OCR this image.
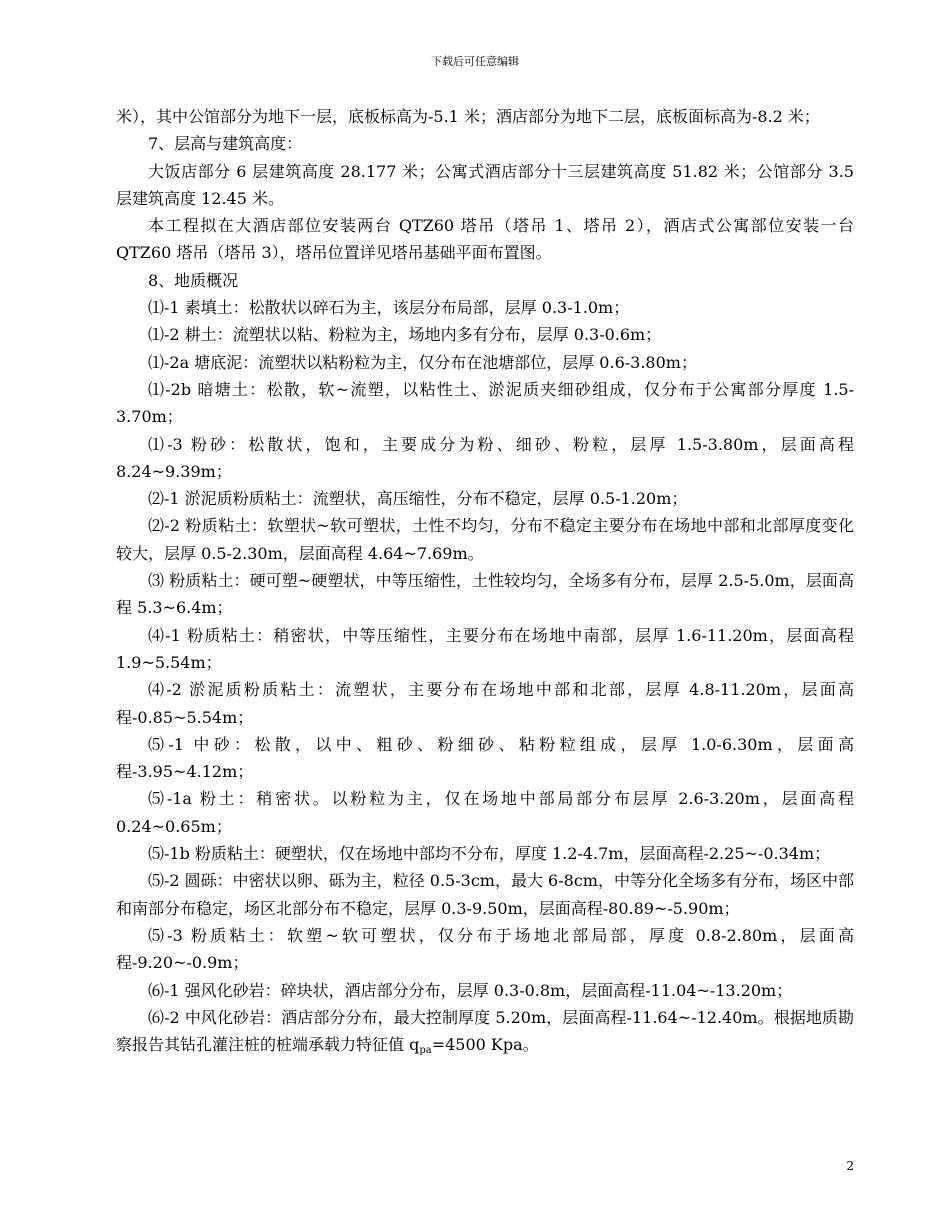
下载后可任意编辑

米），其中公馆部分为地下一层，底板标高为-5.1 米；酒店部分为地下二层，底板面标高为-8.2 米；

7、层高与建筑高度：

大饭店部分 6 层建筑高度 28.177 米；公寓式酒店部分十三层建筑高度 51.82 米；公馆部分 3.5 层建筑高度 12.45 米。

本工程拟在大酒店部位安装两台 QTZ60 塔吊（塔吊 1、塔吊 2），酒店式公寓部位安装一台 QTZ60 塔吊（塔吊 3），塔吊位置详见塔吊基础平面布置图。

8、地质概况

⑴-1 素填土：松散状以碎石为主，该层分布局部，层厚 0.3-1.0m；

⑴-2 耕土：流塑状以粘、粉粒为主，场地内多有分布，层厚 0.3-0.6m；

⑴-2a 塘底泥：流塑状以粘粉粒为主，仅分布在池塘部位，层厚 0.6-3.80m；

⑴-2b 暗塘土：松散，软~流塑，以粘性土、淤泥质夹细砂组成，仅分布于公寓部分厚度 1.5-3.70m；

⑴-3 粉砂：松散状，饱和，主要成分为粉、细砂、粉粒，层厚 1.5-3.80m，层面高程 8.24~9.39m；

⑵-1 淤泥质粉质粘土：流塑状，高压缩性，分布不稳定，层厚 0.5-1.20m；

⑵-2 粉质粘土：软塑状~软可塑状，土性不均匀，分布不稳定主要分布在场地中部和北部厚度变化较大，层厚 0.5-2.30m，层面高程 4.64~7.69m。

⑶ 粉质粘土：硬可塑~硬塑状，中等压缩性，土性较均匀，全场多有分布，层厚 2.5-5.0m，层面高程 5.3~6.4m；

⑷-1 粉质粘土：稍密状，中等压缩性，主要分布在场地中南部，层厚 1.6-11.20m，层面高程 1.9~5.54m；

⑷-2 淤泥质粉质粘土：流塑状，主要分布在场地中部和北部，层厚 4.8-11.20m，层面高程-0.85~5.54m；

⑸-1 中砂：松散，以中、粗砂、粉细砂、粘粉粒组成，层厚 1.0-6.30m，层面高程-3.95~4.12m；

⑸-1a 粉土：稍密状。以粉粒为主，仅在场地中部局部分布层厚 2.6-3.20m，层面高程 0.24~0.65m；

⑸-1b 粉质粘土：硬塑状，仅在场地中部均不分布，厚度 1.2-4.7m，层面高程-2.25~-0.34m；

⑸-2 圆砾：中密状以卵、砾为主，粒径 0.5-3cm，最大 6-8cm，中等分化全场多有分布，场区中部和南部分布稳定，场区北部分布不稳定，层厚 0.3-9.50m，层面高程-80.89~-5.90m；

⑸-3 粉质粘土：软塑~软可塑状，仅分布于场地北部局部，厚度 0.8-2.80m，层面高程-9.20~-0.9m；

⑹-1 强风化砂岩：碎块状，酒店部分分布，层厚 0.3-0.8m，层面高程-11.04~-13.20m；

⑹-2 中风化砂岩：酒店部分分布，最大控制厚度 5.20m，层面高程-11.64~-12.40m。根据地质勘察报告其钻孔灌注桩的桩端承载力特征值 $q_{pa}=4500$ Kpa。

2
